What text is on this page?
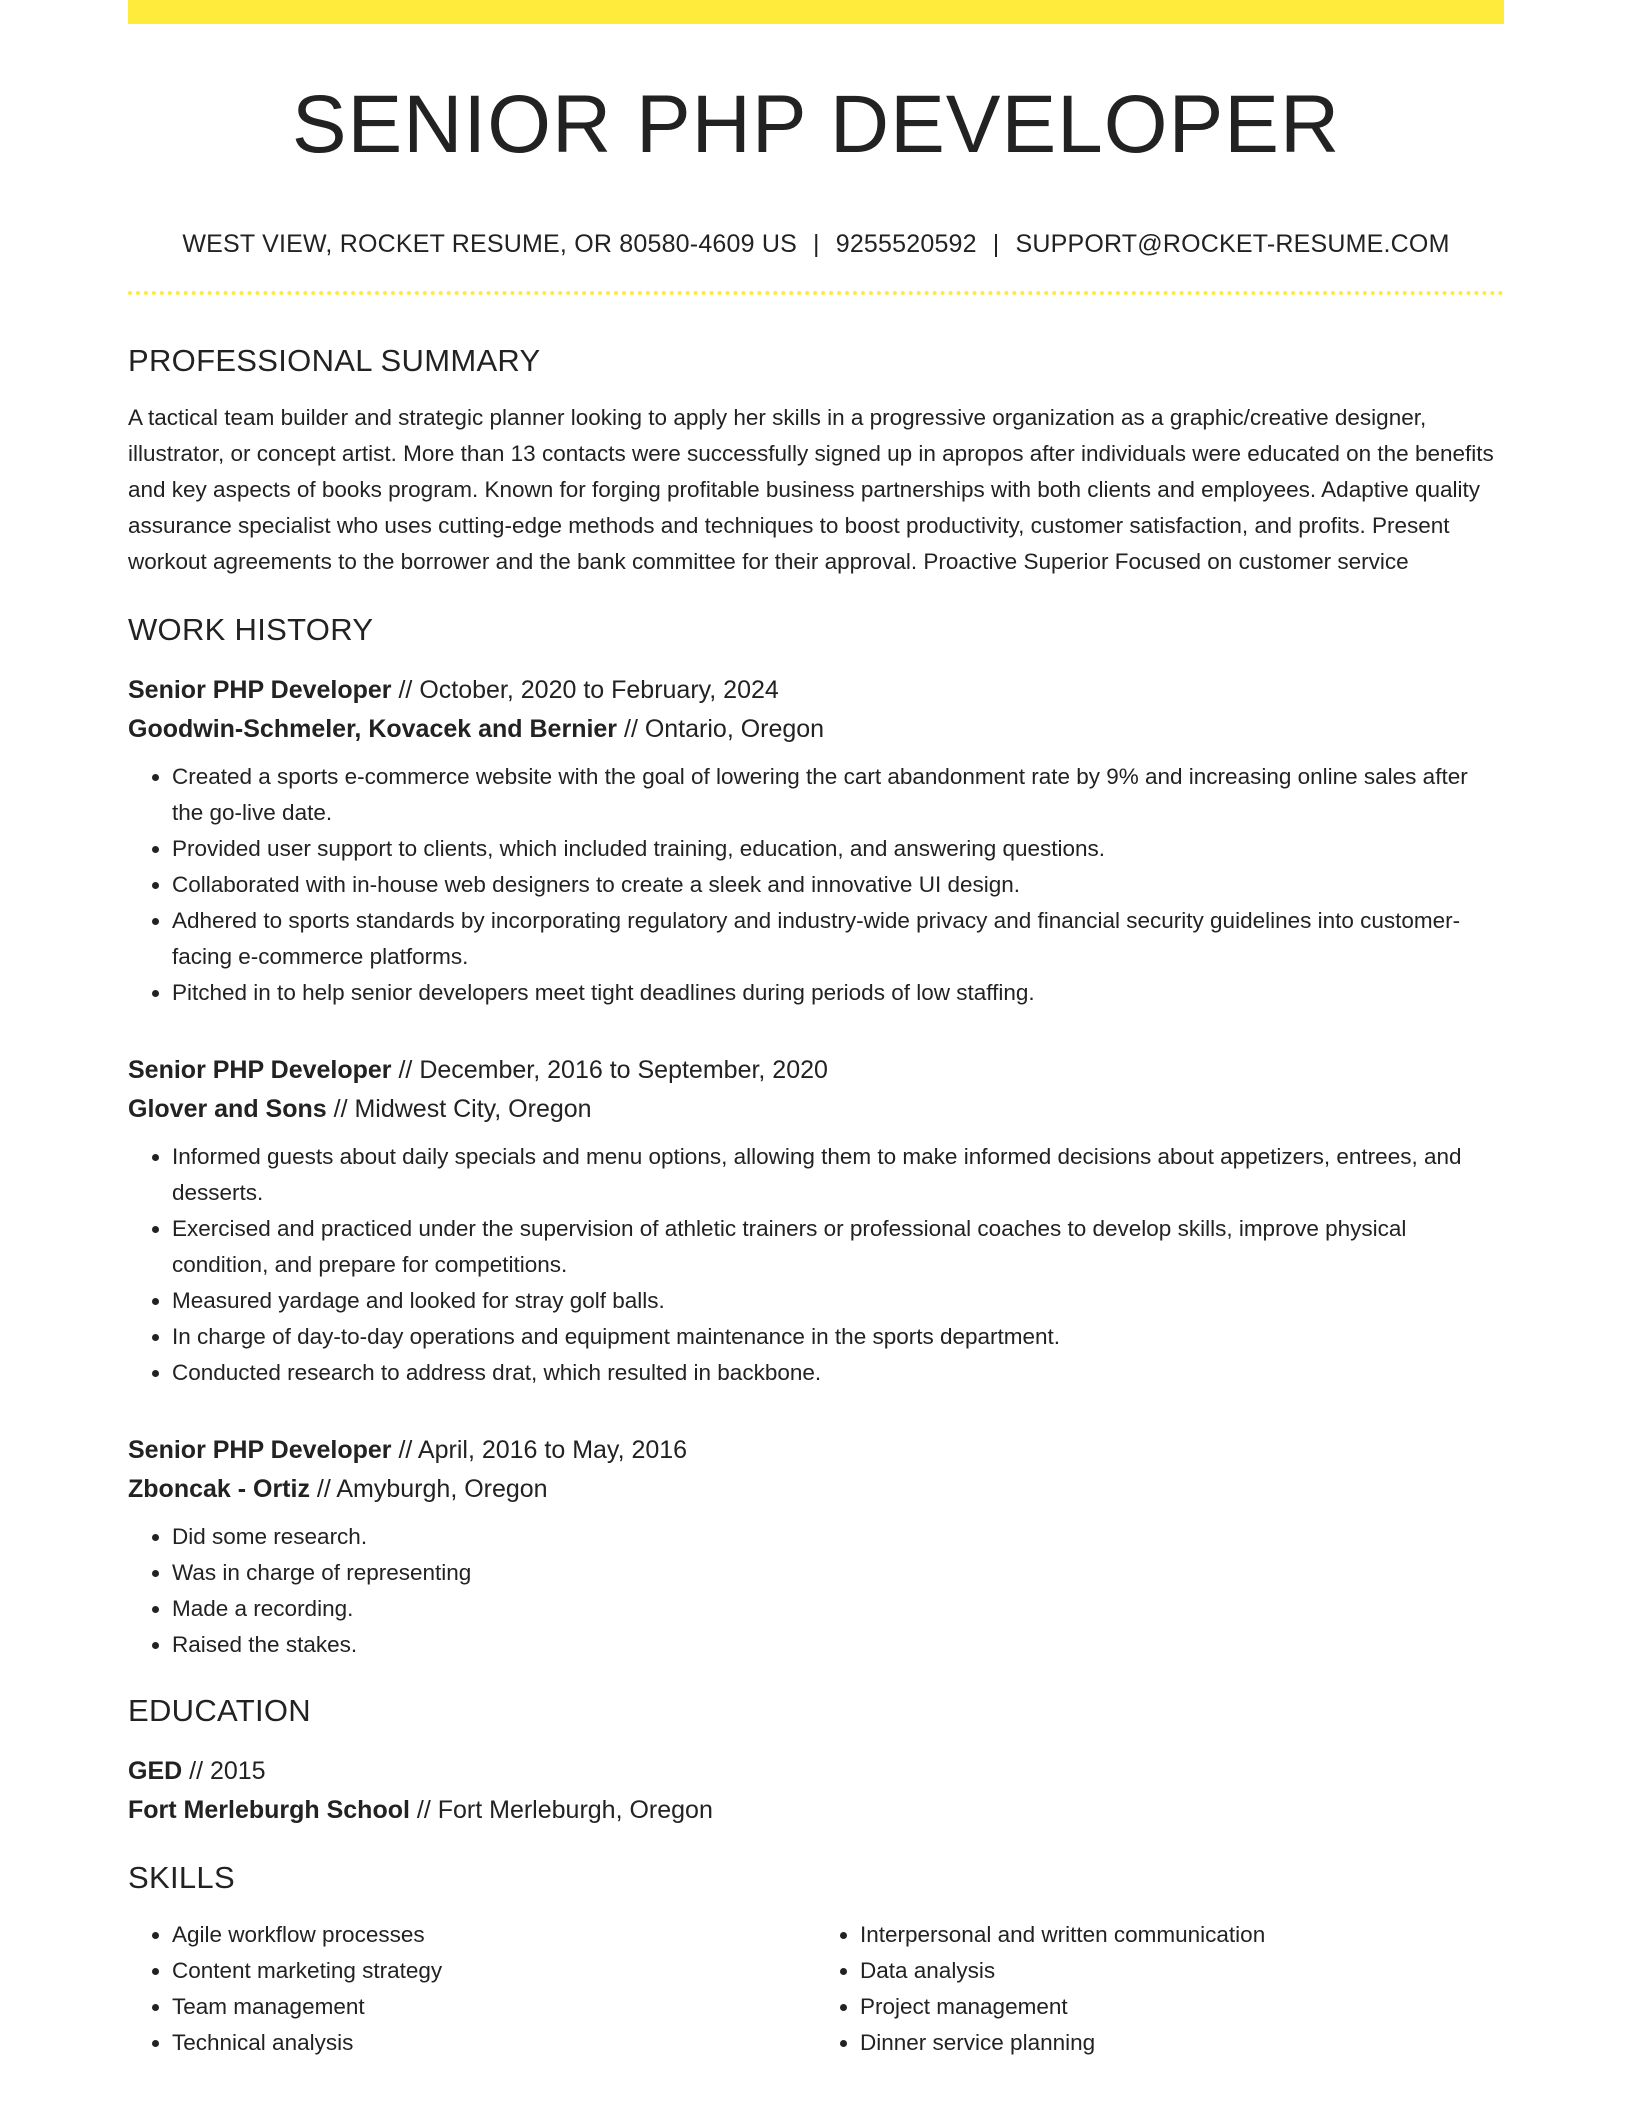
SENIOR PHP DEVELOPER
WEST VIEW, ROCKET RESUME, OR 80580-4609 US | 9255520592 | SUPPORT@ROCKET-RESUME.COM
PROFESSIONAL SUMMARY
A tactical team builder and strategic planner looking to apply her skills in a progressive organization as a graphic/creative designer, illustrator, or concept artist. More than 13 contacts were successfully signed up in apropos after individuals were educated on the benefits and key aspects of books program. Known for forging profitable business partnerships with both clients and employees. Adaptive quality assurance specialist who uses cutting-edge methods and techniques to boost productivity, customer satisfaction, and profits. Present workout agreements to the borrower and the bank committee for their approval. Proactive Superior Focused on customer service
WORK HISTORY
Senior PHP Developer // October, 2020 to February, 2024
Goodwin-Schmeler, Kovacek and Bernier // Ontario, Oregon
• Created a sports e-commerce website with the goal of lowering the cart abandonment rate by 9% and increasing online sales after the go-live date.
• Provided user support to clients, which included training, education, and answering questions.
• Collaborated with in-house web designers to create a sleek and innovative UI design.
• Adhered to sports standards by incorporating regulatory and industry-wide privacy and financial security guidelines into customer-facing e-commerce platforms.
• Pitched in to help senior developers meet tight deadlines during periods of low staffing.
Senior PHP Developer // December, 2016 to September, 2020
Glover and Sons // Midwest City, Oregon
• Informed guests about daily specials and menu options, allowing them to make informed decisions about appetizers, entrees, and desserts.
• Exercised and practiced under the supervision of athletic trainers or professional coaches to develop skills, improve physical condition, and prepare for competitions.
• Measured yardage and looked for stray golf balls.
• In charge of day-to-day operations and equipment maintenance in the sports department.
• Conducted research to address drat, which resulted in backbone.
Senior PHP Developer // April, 2016 to May, 2016
Zboncak - Ortiz // Amyburgh, Oregon
• Did some research.
• Was in charge of representing
• Made a recording.
• Raised the stakes.
EDUCATION
GED // 2015
Fort Merleburgh School // Fort Merleburgh, Oregon
SKILLS
• Agile workflow processes
• Content marketing strategy
• Team management
• Technical analysis
• Interpersonal and written communication
• Data analysis
• Project management
• Dinner service planning
